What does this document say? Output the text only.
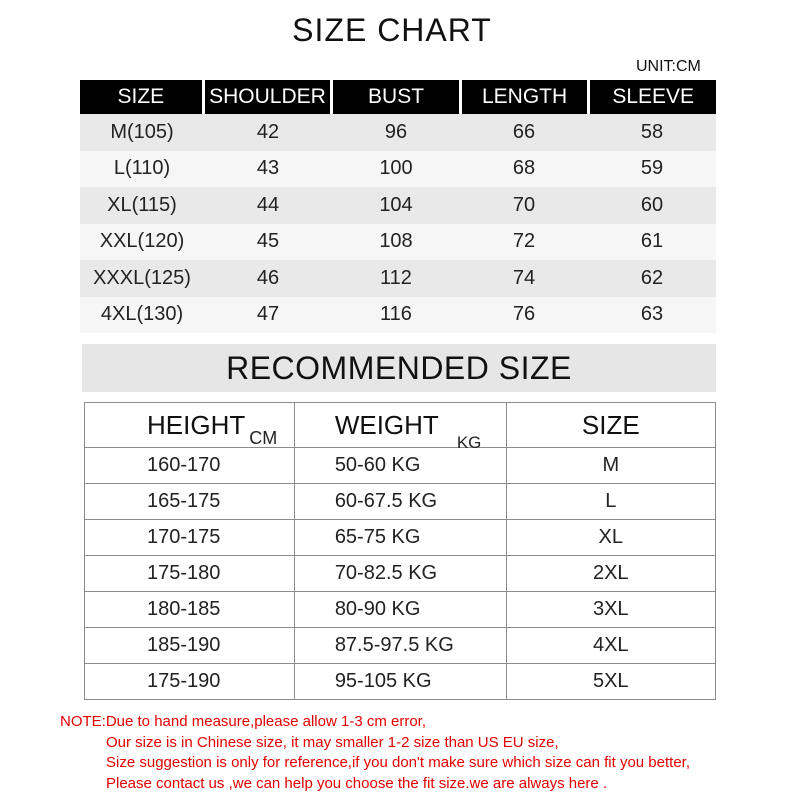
SIZE CHART
UNIT:CM
SIZE	SHOULDER	BUST	LENGTH	SLEEVE
M(105)	42	96	66	58
L(110)	43	100	68	59
XL(115)	44	104	70	60
XXL(120)	45	108	72	61
XXXL(125)	46	112	74	62
4XL(130)	47	116	76	63
RECOMMENDED SIZE
HEIGHT $_{CM}$	$WEIGHT_{KG}$	SIZE
160-170	50-60 KG	M
165-175	60-67.5 KG	L
170-175	65-75 KG	XL
175-180	70-82.5 KG	2XL
180-185	80-90 KG	3XL
185-190	87.5-97.5 KG	4XL
175-190	95-105 KG	5XL
NOTE:Due to hand measure,please allow 1-3 cm error,
Our size is in Chinese size, it may smaller 1-2 size than US EU size,
Size suggestion is only for reference,if you don't make sure which size can fit you better,
Please contact us ,we can help you choose the fit size.we are always here .
